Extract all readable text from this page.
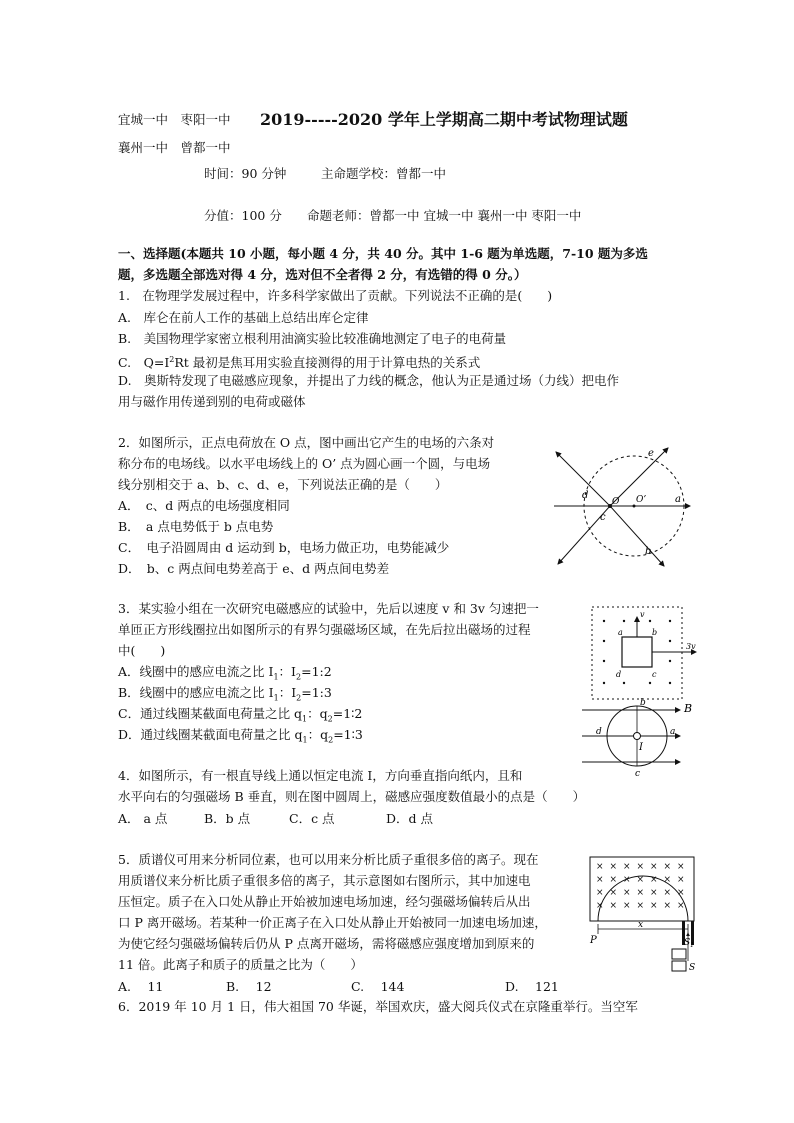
宜城一中　枣阳一中 2019-----2020 学年上学期高二期中考试物理试题
襄州一中　曾都一中
时间：90 分钟	主命题学校：曾都一中
分值：100 分 命题老师：曾都一中 宜城一中 襄州一中 枣阳一中
一、选择题(本题共 10 小题，每小题 4 分，共 40 分。其中 1-6 题为单选题，7-10 题为多选
题，多选题全部选对得 4 分，选对但不全者得 2 分，有选错的得 0 分。）
1.　在物理学发展过程中，许多科学家做出了贡献。下列说法不正确的是(　　)
A.　库仑在前人工作的基础上总结出库仑定律
B.　美国物理学家密立根利用油滴实验比较准确地测定了电子的电荷量
C.　$Q=I^2Rt$ 最初是焦耳用实验直接测得的用于计算电热的关系式
D.　奥斯特发现了电磁感应现象，并提出了力线的概念，他认为正是通过场（力线）把电作
用与磁作用传递到别的电荷或磁体
2．如图所示，正点电荷放在 O 点，图中画出它产生的电场的六条对
称分布的电场线。以水平电场线上的 O’ 点为圆心画一个圆，与电场
线分别相交于 a、b、c、d、e，下列说法正确的是（　　）
A．　c、d 两点的电场强度相同
B．　a 点电势低于 b 点电势
C．　电子沿圆周由 d 运动到 b，电场力做正功，电势能减少
D．　b、c 两点间电势差高于 e、d 两点间电势差
e
d
O O’	a
c
b
3．某实验小组在一次研究电磁感应的试验中，先后以速度 v 和 3v 匀速把一
单匝正方形线圈拉出如图所示的有界匀强磁场区域，在先后拉出磁场的过程
中(　　)
A．线圈中的感应电流之比 $I_1$：$I_2=1:2$
B．线圈中的感应电流之比 $I_1$：$I_2=1:3$
C．通过线圈某截面电荷量之比 $q_1$：$q_2=1∶2$
D．通过线圈某截面电荷量之比 $q_1$：$q_2=1∶3$
v
a	b
d	c
3v
B
b
d	a
I
c
4．如图所示，有一根直导线上通以恒定电流 I，方向垂直指向纸内，且和
水平向右的匀强磁场 B 垂直，则在图中圆周上，磁感应强度数值最小的点是（　　）
A． a 点	B．b 点	C．c 点	D．d 点
5．质谱仪可用来分析同位素，也可以用来分析比质子重很多倍的离子。现在
用质谱仪来分析比质子重很多倍的离子，其示意图如右图所示，其中加速电
压恒定。质子在入口处从静止开始被加速电场加速，经匀强磁场偏转后从出
口 P 离开磁场。若某种一价正离子在入口处从静止开始被同一加速电场加速，
为使它经匀强磁场偏转后仍从 P 点离开磁场，需将磁感应强度增加到原来的
11 倍。此离子和质子的质量之比为（　　）
A.　 11	B.　 12	C.　 144	D.　 121
× × × × × × ×
× × × × × × ×
× × × × × × ×
× × × × × × ×
P
x
$S_1$
S
6．2019 年 10 月 1 日，伟大祖国 70 华诞，举国欢庆，盛大阅兵仪式在京隆重举行。当空军
